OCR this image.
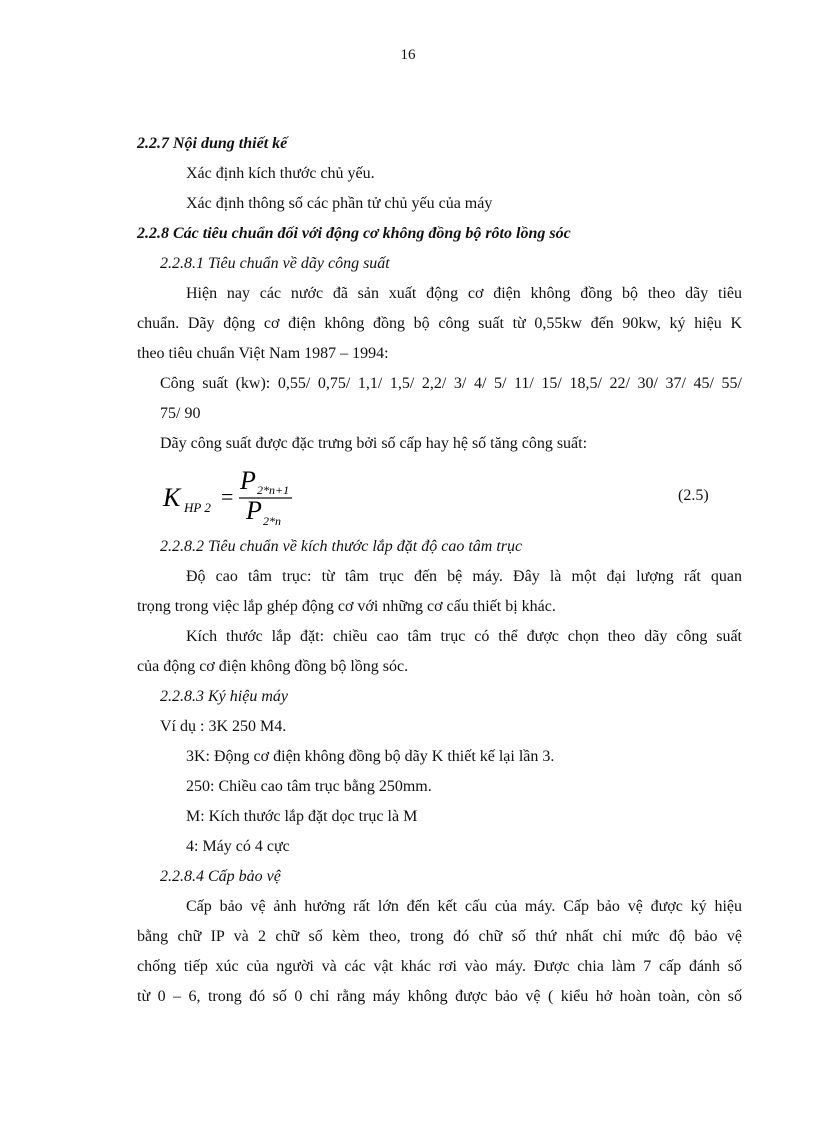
16
2.2.7 Nội dung thiết kế
Xác định kích thước chủ yếu.
Xác định thông số các phần tử chủ yếu của máy
2.2.8 Các tiêu chuẩn đối với động cơ không đồng bộ rôto lồng sóc
2.2.8.1 Tiêu chuẩn về dãy công suất
Hiện nay các nước đã sản xuất động cơ điện không đồng bộ theo dãy tiêu
chuẩn. Dãy động cơ điện không đồng bộ công suất từ 0,55kw đến 90kw, ký hiệu K
theo tiêu chuẩn Việt Nam 1987 – 1994:
Công suất (kw): 0,55/ 0,75/ 1,1/ 1,5/ 2,2/ 3/ 4/ 5/ 11/ 15/ 18,5/ 22/ 30/ 37/ 45/ 55/
75/ 90
Dãy công suất được đặc trưng bởi số cấp hay hệ số tăng công suất:
K HP 2 =
P 2*n+1
P 2*n
(2.5)
2.2.8.2 Tiêu chuẩn về kích thước lắp đặt độ cao tâm trục
Độ cao tâm trục: từ tâm trục đến bệ máy. Đây là một đại lượng rất quan
trọng trong việc lắp ghép động cơ với những cơ cấu thiết bị khác.
Kích thước lắp đặt: chiều cao tâm trục có thể được chọn theo dãy công suất
của động cơ điện không đồng bộ lồng sóc.
2.2.8.3 Ký hiệu máy
Ví dụ : 3K 250 M4.
3K: Động cơ điện không đồng bộ dãy K thiết kế lại lần 3.
250: Chiều cao tâm trục bằng 250mm.
M: Kích thước lắp đặt dọc trục là M
4: Máy có 4 cực
2.2.8.4 Cấp bảo vệ
Cấp bảo vệ ảnh hưởng rất lớn đến kết cấu của máy. Cấp bảo vệ được ký hiệu
bằng chữ IP và 2 chữ số kèm theo, trong đó chữ số thứ nhất chỉ mức độ bảo vệ
chống tiếp xúc của người và các vật khác rơi vào máy. Được chia làm 7 cấp đánh số
từ 0 – 6, trong đó số 0 chỉ rằng máy không được bảo vệ ( kiểu hở hoàn toàn, còn số
